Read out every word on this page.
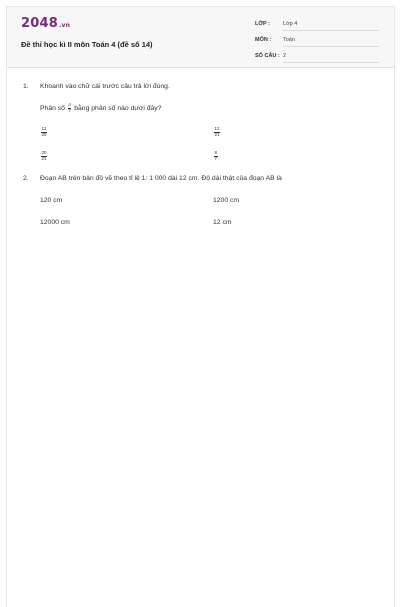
2048.vn
Đề thi học kì II môn Toán 4 (đề số 14)
LỚP : Lớp 4
MÔN : Toán
SỐ CÂU : 2
1. Khoanh vào chữ cái trước câu trả lời đúng.
Phân số $\frac{4}{7}$ bằng phân số nào dưới đây?
$\frac{12}{28}$	$\frac{12}{21}$
$\frac{20}{21}$	$\frac{8}{7}$
2. Đoạn AB trên bản đồ vẽ theo tỉ lệ 1: 1 000 dài 12 cm. Độ dài thật của đoạn AB là
120 cm	1200 cm
12000 cm	12 cm
